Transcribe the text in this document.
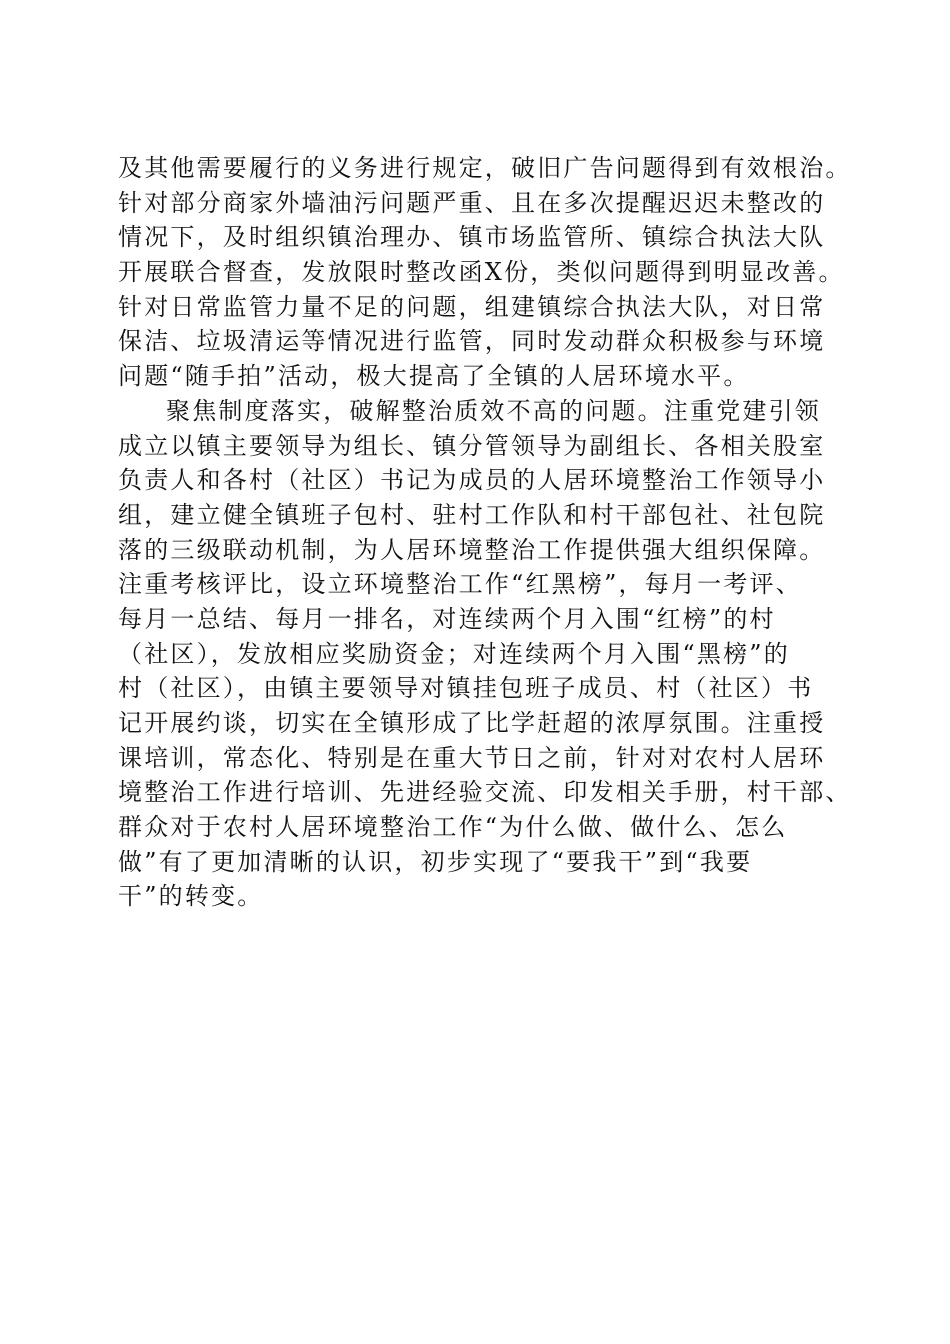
及其他需要履行的义务进行规定，破旧广告问题得到有效根治。
针对部分商家外墙油污问题严重、且在多次提醒迟迟未整改的
情况下，及时组织镇治理办、镇市场监管所、镇综合执法大队
开展联合督查，发放限时整改函X份，类似问题得到明显改善。
针对日常监管力量不足的问题，组建镇综合执法大队，对日常
保洁、垃圾清运等情况进行监管，同时发动群众积极参与环境
问题“随手拍”活动，极大提高了全镇的人居环境水平。
聚焦制度落实，破解整治质效不高的问题。注重党建引领
成立以镇主要领导为组长、镇分管领导为副组长、各相关股室
负责人和各村（社区）书记为成员的人居环境整治工作领导小
组，建立健全镇班子包村、驻村工作队和村干部包社、社包院
落的三级联动机制，为人居环境整治工作提供强大组织保障。
注重考核评比，设立环境整治工作“红黑榜”，每月一考评、
每月一总结、每月一排名，对连续两个月入围“红榜”的村
（社区），发放相应奖励资金；对连续两个月入围“黑榜”的
村（社区），由镇主要领导对镇挂包班子成员、村（社区）书
记开展约谈，切实在全镇形成了比学赶超的浓厚氛围。注重授
课培训，常态化、特别是在重大节日之前，针对对农村人居环
境整治工作进行培训、先进经验交流、印发相关手册，村干部、
群众对于农村人居环境整治工作“为什么做、做什么、怎么
做”有了更加清晰的认识，初步实现了“要我干”到“我要
干”的转变。
